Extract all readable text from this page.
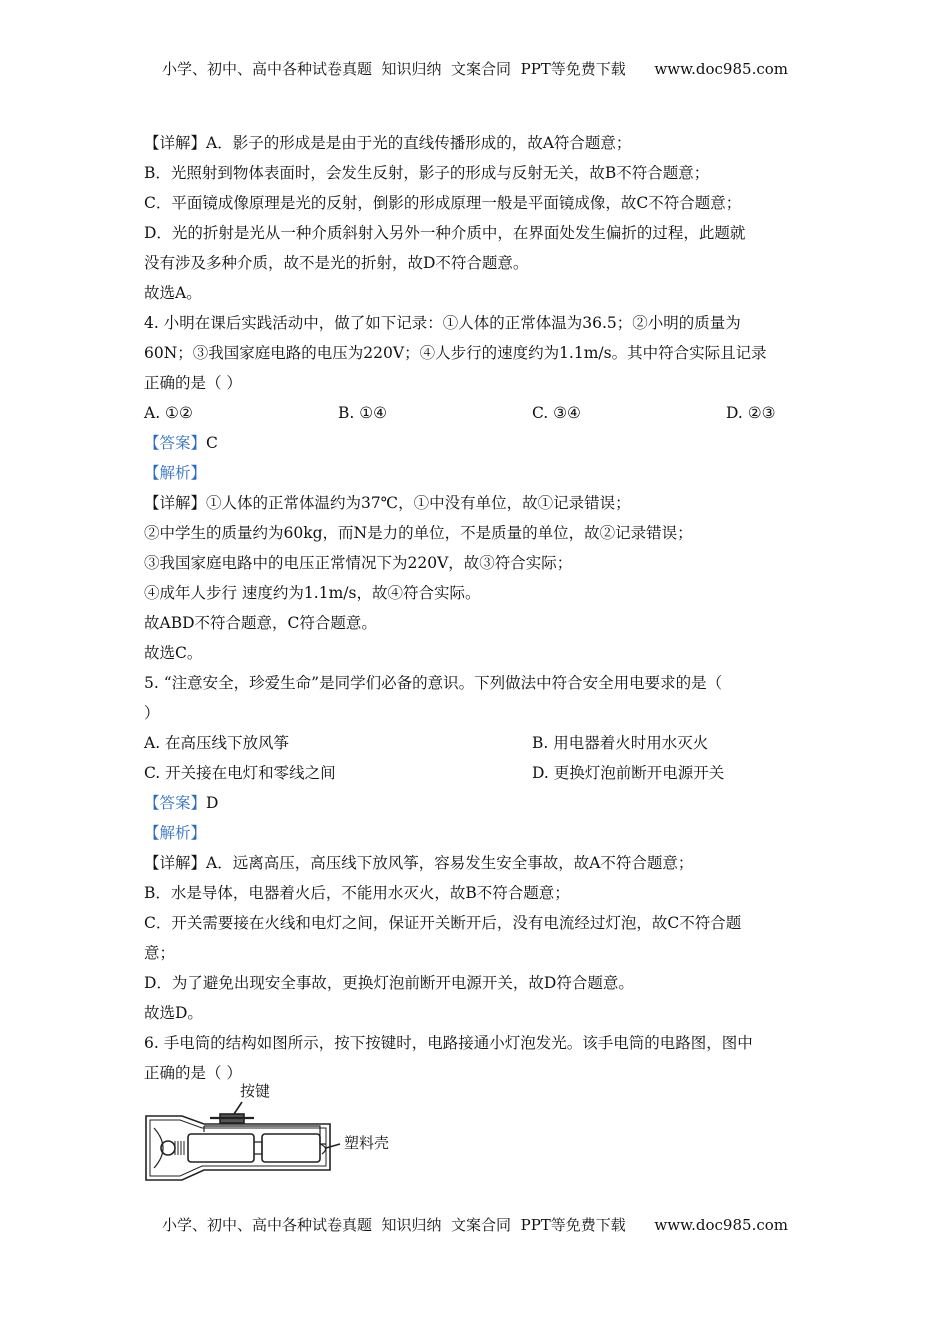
小学、初中、高中各种试卷真题  知识归纳  文案合同  PPT等免费下载      www.doc985.com
【详解】A．影子的形成是是由于光的直线传播形成的，故A符合题意；
B．光照射到物体表面时，会发生反射，影子的形成与反射无关，故B不符合题意；
C．平面镜成像原理是光的反射，倒影的形成原理一般是平面镜成像，故C不符合题意；
D．光的折射是光从一种介质斜射入另外一种介质中，在界面处发生偏折的过程，此题就
没有涉及多种介质，故不是光的折射，故D不符合题意。
故选A。
4. 小明在课后实践活动中，做了如下记录：①人体的正常体温为36.5；②小明的质量为
60N；③我国家庭电路的电压为220V；④人步行的速度约为1.1m/s。其中符合实际且记录
正确的是（ ）
A. ①②	B. ①④	C. ③④	D. ②③
【答案】C
【解析】
【详解】①人体的正常体温约为37℃，①中没有单位，故①记录错误；
②中学生的质量约为60kg，而N是力的单位，不是质量的单位，故②记录错误；
③我国家庭电路中的电压正常情况下为220V，故③符合实际；
④成年人步行 速度约为1.1m/s，故④符合实际。
故ABD不符合题意，C符合题意。
故选C。
5. “注意安全，珍爱生命”是同学们必备的意识。下列做法中符合安全用电要求的是（
）
A. 在高压线下放风筝	B. 用电器着火时用水灭火
C. 开关接在电灯和零线之间	D. 更换灯泡前断开电源开关
【答案】D
【解析】
【详解】A．远离高压，高压线下放风筝，容易发生安全事故，故A不符合题意；
B．水是导体，电器着火后，不能用水灭火，故B不符合题意；
C．开关需要接在火线和电灯之间，保证开关断开后，没有电流经过灯泡，故C不符合题
意；
D．为了避免出现安全事故，更换灯泡前断开电源开关，故D符合题意。
故选D。
6. 手电筒的结构如图所示，按下按键时，电路接通小灯泡发光。该手电筒的电路图，图中
正确的是（ ）
按键
塑料壳
小学、初中、高中各种试卷真题  知识归纳  文案合同  PPT等免费下载      www.doc985.com
